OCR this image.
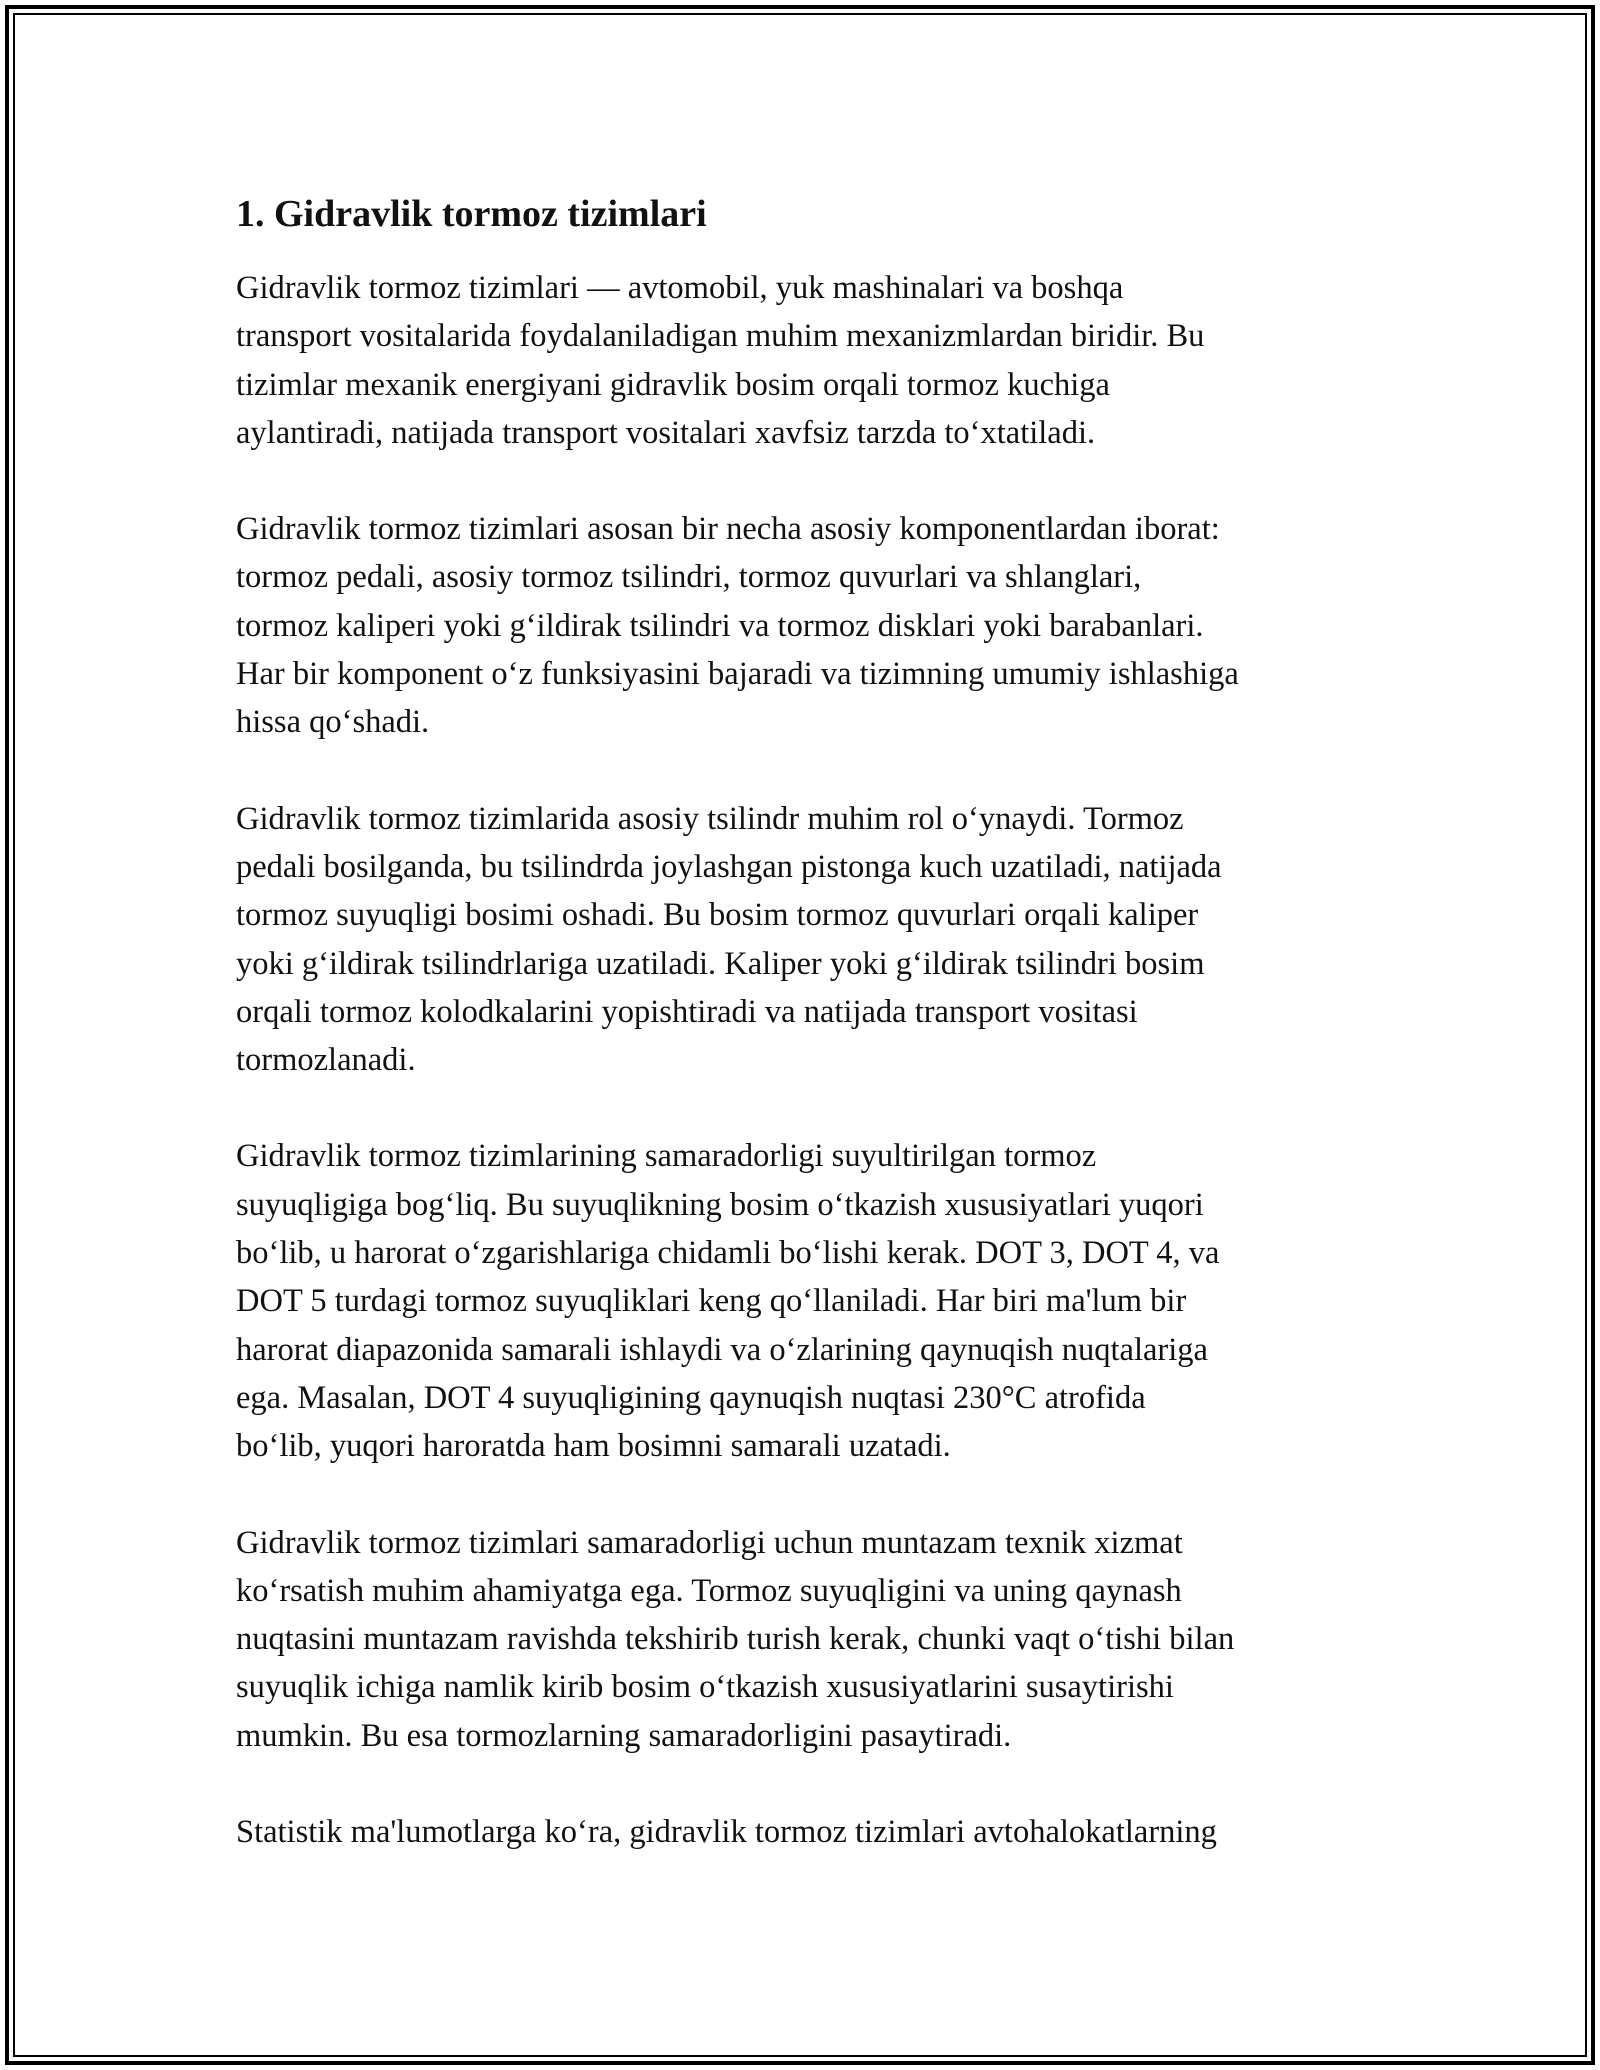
1. Gidravlik tormoz tizimlari

Gidravlik tormoz tizimlari — avtomobil, yuk mashinalari va boshqa
transport vositalarida foydalaniladigan muhim mexanizmlardan biridir. Bu
tizimlar mexanik energiyani gidravlik bosim orqali tormoz kuchiga
aylantiradi, natijada transport vositalari xavfsiz tarzda to‘xtatiladi.

Gidravlik tormoz tizimlari asosan bir necha asosiy komponentlardan iborat:
tormoz pedali, asosiy tormoz tsilindri, tormoz quvurlari va shlanglari,
tormoz kaliperi yoki g‘ildirak tsilindri va tormoz disklari yoki barabanlari.
Har bir komponent o‘z funksiyasini bajaradi va tizimning umumiy ishlashiga
hissa qo‘shadi.

Gidravlik tormoz tizimlarida asosiy tsilindr muhim rol o‘ynaydi. Tormoz
pedali bosilganda, bu tsilindrda joylashgan pistonga kuch uzatiladi, natijada
tormoz suyuqligi bosimi oshadi. Bu bosim tormoz quvurlari orqali kaliper
yoki g‘ildirak tsilindrlariga uzatiladi. Kaliper yoki g‘ildirak tsilindri bosim
orqali tormoz kolodkalarini yopishtiradi va natijada transport vositasi
tormozlanadi.

Gidravlik tormoz tizimlarining samaradorligi suyultirilgan tormoz
suyuqligiga bog‘liq. Bu suyuqlikning bosim o‘tkazish xususiyatlari yuqori
bo‘lib, u harorat o‘zgarishlariga chidamli bo‘lishi kerak. DOT 3, DOT 4, va
DOT 5 turdagi tormoz suyuqliklari keng qo‘llaniladi. Har biri ma'lum bir
harorat diapazonida samarali ishlaydi va o‘zlarining qaynuqish nuqtalariga
ega. Masalan, DOT 4 suyuqligining qaynuqish nuqtasi 230°C atrofida
bo‘lib, yuqori haroratda ham bosimni samarali uzatadi.

Gidravlik tormoz tizimlari samaradorligi uchun muntazam texnik xizmat
ko‘rsatish muhim ahamiyatga ega. Tormoz suyuqligini va uning qaynash
nuqtasini muntazam ravishda tekshirib turish kerak, chunki vaqt o‘tishi bilan
suyuqlik ichiga namlik kirib bosim o‘tkazish xususiyatlarini susaytirishi
mumkin. Bu esa tormozlarning samaradorligini pasaytiradi.

Statistik ma'lumotlarga ko‘ra, gidravlik tormoz tizimlari avtohalokatlarning
